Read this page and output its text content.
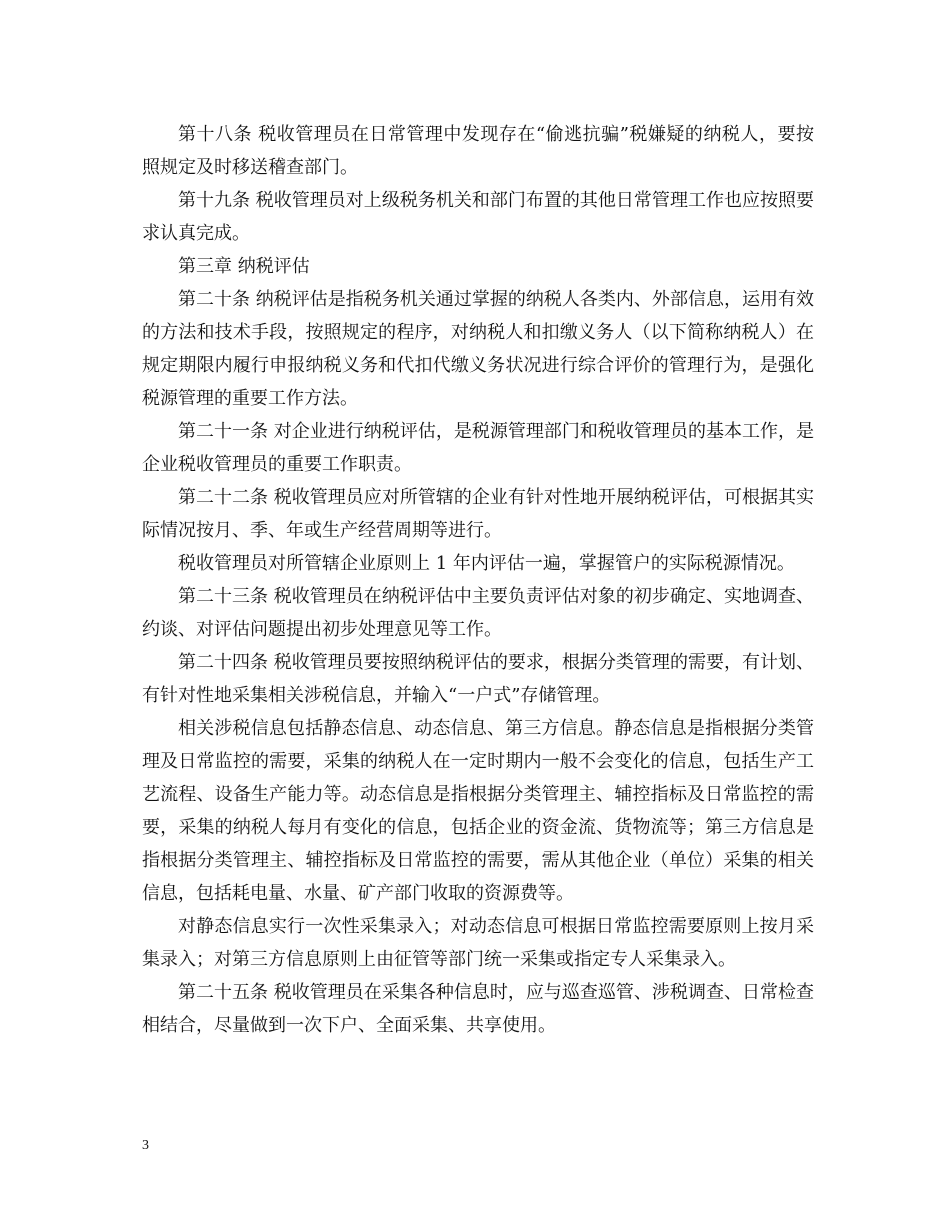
第十八条 税收管理员在日常管理中发现存在“偷逃抗骗”税嫌疑的纳税人，要按照规定及时移送稽查部门。

第十九条 税收管理员对上级税务机关和部门布置的其他日常管理工作也应按照要求认真完成。

第三章 纳税评估

第二十条 纳税评估是指税务机关通过掌握的纳税人各类内、外部信息，运用有效的方法和技术手段，按照规定的程序，对纳税人和扣缴义务人（以下简称纳税人）在规定期限内履行申报纳税义务和代扣代缴义务状况进行综合评价的管理行为，是强化税源管理的重要工作方法。

第二十一条 对企业进行纳税评估，是税源管理部门和税收管理员的基本工作，是企业税收管理员的重要工作职责。

第二十二条 税收管理员应对所管辖的企业有针对性地开展纳税评估，可根据其实际情况按月、季、年或生产经营周期等进行。

税收管理员对所管辖企业原则上 1 年内评估一遍，掌握管户的实际税源情况。

第二十三条 税收管理员在纳税评估中主要负责评估对象的初步确定、实地调查、约谈、对评估问题提出初步处理意见等工作。

第二十四条 税收管理员要按照纳税评估的要求，根据分类管理的需要，有计划、有针对性地采集相关涉税信息，并输入“一户式”存储管理。

相关涉税信息包括静态信息、动态信息、第三方信息。静态信息是指根据分类管理及日常监控的需要，采集的纳税人在一定时期内一般不会变化的信息，包括生产工艺流程、设备生产能力等。动态信息是指根据分类管理主、辅控指标及日常监控的需要，采集的纳税人每月有变化的信息，包括企业的资金流、货物流等；第三方信息是指根据分类管理主、辅控指标及日常监控的需要，需从其他企业（单位）采集的相关信息，包括耗电量、水量、矿产部门收取的资源费等。

对静态信息实行一次性采集录入；对动态信息可根据日常监控需要原则上按月采集录入；对第三方信息原则上由征管等部门统一采集或指定专人采集录入。

第二十五条 税收管理员在采集各种信息时，应与巡查巡管、涉税调查、日常检查相结合，尽量做到一次下户、全面采集、共享使用。

3
